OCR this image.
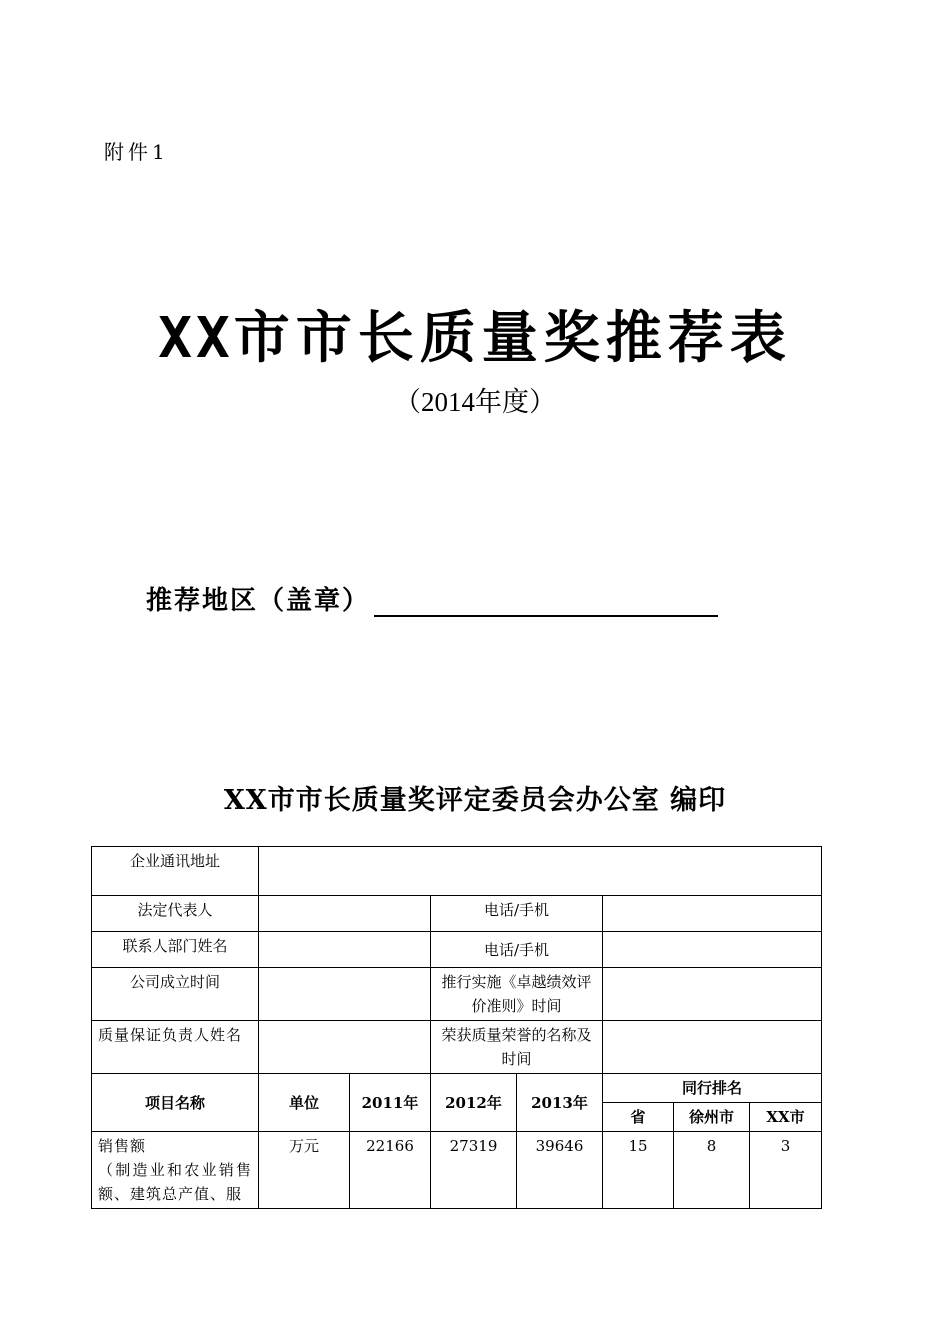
附件1
XX市市长质量奖推荐表
（2014年度）
推荐地区（盖章）
XX市市长质量奖评定委员会办公室 编印
企业通讯地址							
法定代表人			电话/手机				
联系人部门姓名			电话/手机				
公司成立时间			推行实施《卓越绩效评价准则》时间				
质量保证负责人姓名			荣获质量荣誉的名称及时间				
项目名称	单位	2011年	2012年	2013年	同行排名		
					省	徐州市	XX市

销售额
（制造业和农业销售额、建筑总产值、服	万元	22166	27319	39646	15	8	3
